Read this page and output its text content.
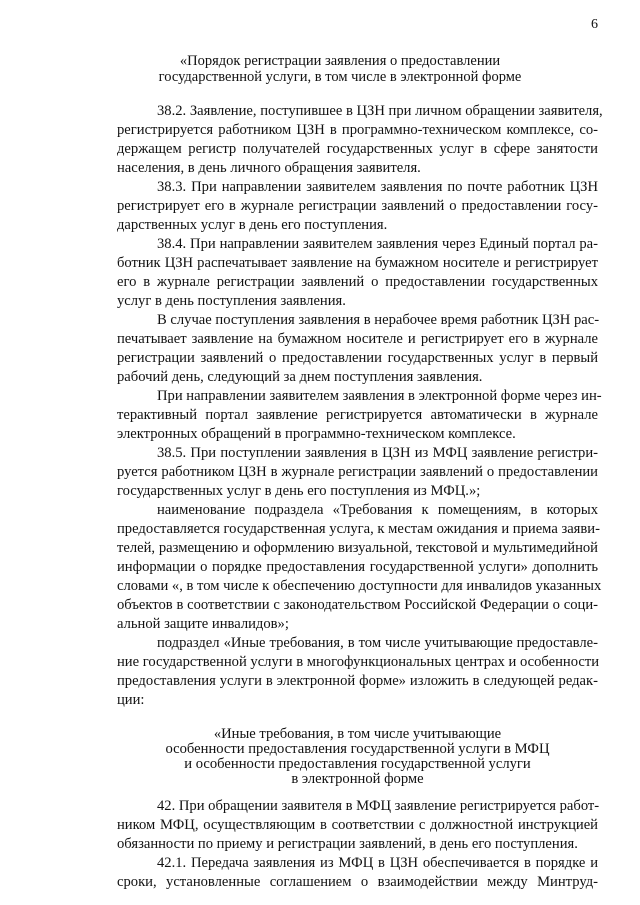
6
«Порядок регистрации заявления о предоставлении
государственной услуги, в том числе в электронной форме
38.2. Заявление, поступившее в ЦЗН при личном обращении заявителя,
регистрируется работником ЦЗН в программно-техническом комплексе, со-
держащем регистр получателей государственных услуг в сфере занятости
населения, в день личного обращения заявителя.
38.3. При направлении заявителем заявления по почте работник ЦЗН
регистрирует его в журнале регистрации заявлений о предоставлении госу-
дарственных услуг в день его поступления.
38.4. При направлении заявителем заявления через Единый портал ра-
ботник ЦЗН распечатывает заявление на бумажном носителе и регистрирует
его в журнале регистрации заявлений о предоставлении государственных
услуг в день поступления заявления.
В случае поступления заявления в нерабочее время работник ЦЗН рас-
печатывает заявление на бумажном носителе и регистрирует его в журнале
регистрации заявлений о предоставлении государственных услуг в первый
рабочий день, следующий за днем поступления заявления.
При направлении заявителем заявления в электронной форме через ин-
терактивный портал заявление регистрируется автоматически в журнале
электронных обращений в программно-техническом комплексе.
38.5. При поступлении заявления в ЦЗН из МФЦ заявление регистри-
руется работником ЦЗН в журнале регистрации заявлений о предоставлении
государственных услуг в день его поступления из МФЦ.»;
наименование подраздела «Требования к помещениям, в которых
предоставляется государственная услуга, к местам ожидания и приема заяви-
телей, размещению и оформлению визуальной, текстовой и мультимедийной
информации о порядке предоставления государственной услуги» дополнить
словами «, в том числе к обеспечению доступности для инвалидов указанных
объектов в соответствии с законодательством Российской Федерации о соци-
альной защите инвалидов»;
подраздел «Иные требования, в том числе учитывающие предоставле-
ние государственной услуги в многофункциональных центрах и особенности
предоставления услуги в электронной форме» изложить в следующей редак-
ции:
«Иные требования, в том числе учитывающие
особенности предоставления государственной услуги в МФЦ
и особенности предоставления государственной услуги
в электронной форме
42. При обращении заявителя в МФЦ заявление регистрируется работ-
ником МФЦ, осуществляющим в соответствии с должностной инструкцией
обязанности по приему и регистрации заявлений, в день его поступления.
42.1. Передача заявления из МФЦ в ЦЗН обеспечивается в порядке и
сроки, установленные соглашением о взаимодействии между Минтруд-
